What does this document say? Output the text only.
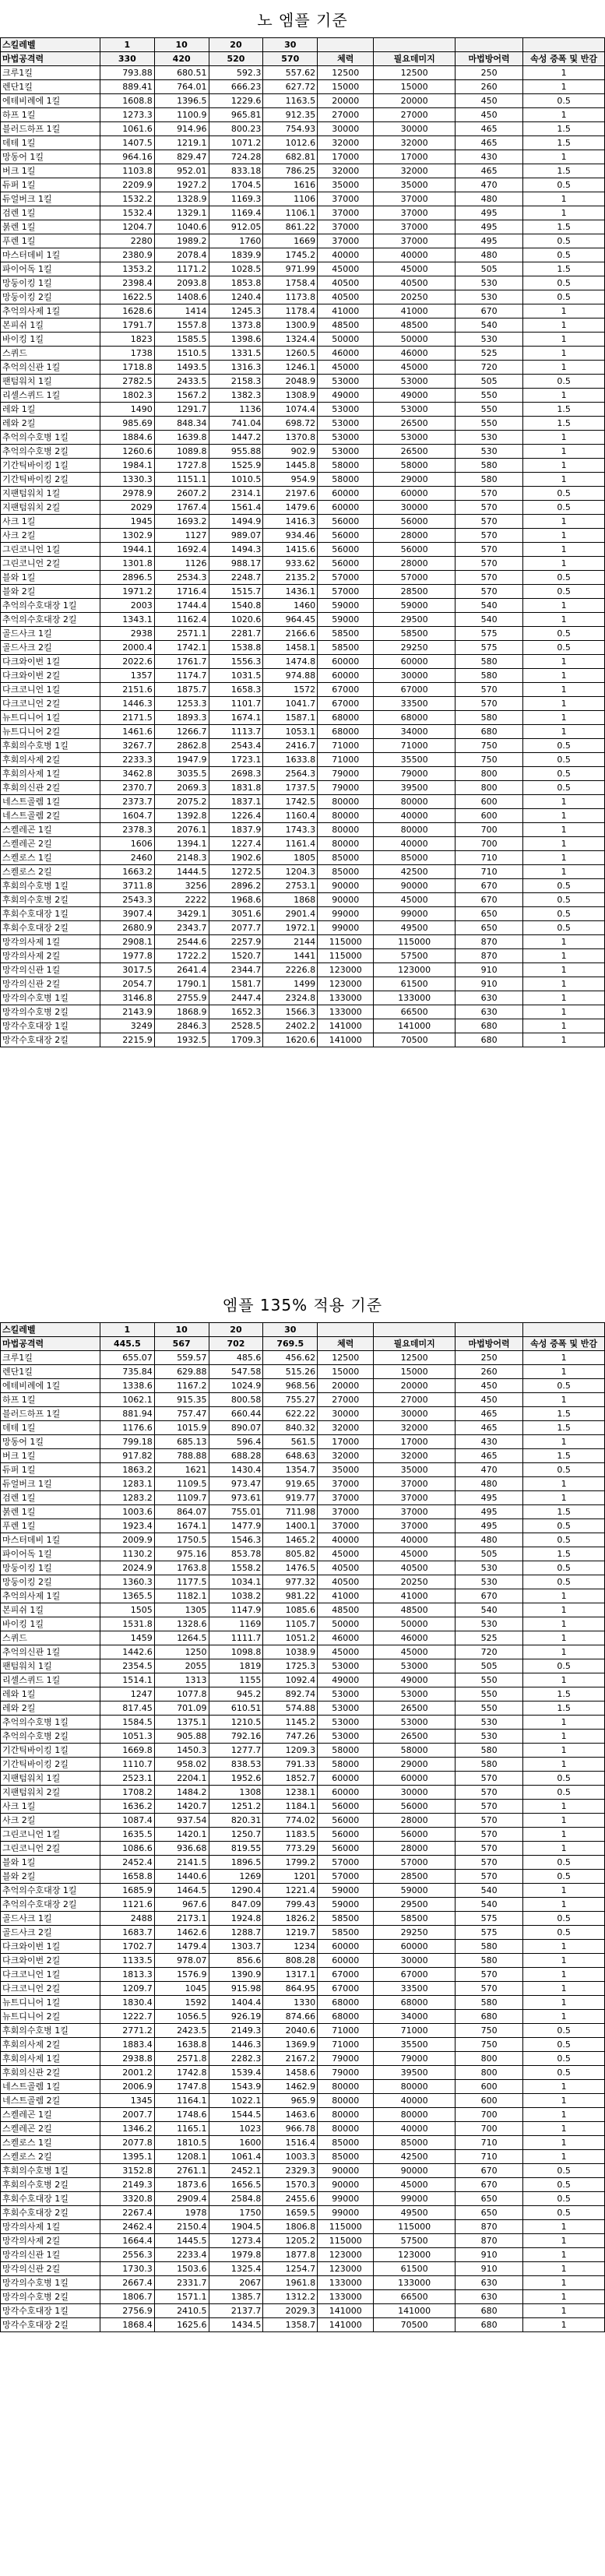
노 엠플 기준
스킬레벨	1	10	20	30				
마법공격력	330	420	520	570	체력	필요데미지	마법방어력	속성 증폭 및 반감
크루1킬	793.88	680.51	592.3	557.62	12500	12500	250	1
렌단1킬	889.41	764.01	666.23	627.72	15000	15000	260	1
에테비례에 1킬	1608.8	1396.5	1229.6	1163.5	20000	20000	450	0.5
하프 1킬	1273.3	1100.9	965.81	912.35	27000	27000	450	1
블러드하프 1킬	1061.6	914.96	800.23	754.93	30000	30000	465	1.5
데테 1킬	1407.5	1219.1	1071.2	1012.6	32000	32000	465	1.5
망동어 1킬	964.16	829.47	724.28	682.81	17000	17000	430	1
버크 1킬	1103.8	952.01	833.18	786.25	32000	32000	465	1.5
듀퍼 1킬	2209.9	1927.2	1704.5	1616	35000	35000	470	0.5
듀얼버크 1킬	1532.2	1328.9	1169.3	1106	37000	37000	480	1
검렌 1킬	1532.4	1329.1	1169.4	1106.1	37000	37000	495	1
붉렌 1킬	1204.7	1040.6	912.05	861.22	37000	37000	495	1.5
푸렌 1킬	2280	1989.2	1760	1669	37000	37000	495	0.5
마스터데비 1킬	2380.9	2078.4	1839.9	1745.2	40000	40000	480	0.5
파이어독 1킬	1353.2	1171.2	1028.5	971.99	45000	45000	505	1.5
망둥이킹 1킬	2398.4	2093.8	1853.8	1758.4	40500	40500	530	0.5
망둥이킹 2킬	1622.5	1408.6	1240.4	1173.8	40500	20250	530	0.5
추억의사제 1킬	1628.6	1414	1245.3	1178.4	41000	41000	670	1
본피쉬 1킬	1791.7	1557.8	1373.8	1300.9	48500	48500	540	1
바이킹 1킬	1823	1585.5	1398.6	1324.4	50000	50000	530	1
스퀴드	1738	1510.5	1331.5	1260.5	46000	46000	525	1
추억의신관 1킬	1718.8	1493.5	1316.3	1246.1	45000	45000	720	1
팬텀워치 1킬	2782.5	2433.5	2158.3	2048.9	53000	53000	505	0.5
리셀스퀴드 1킬	1802.3	1567.2	1382.3	1308.9	49000	49000	550	1
레와 1킬	1490	1291.7	1136	1074.4	53000	53000	550	1.5
레와 2킬	985.69	848.34	741.04	698.72	53000	26500	550	1.5
추억의수호병 1킬	1884.6	1639.8	1447.2	1370.8	53000	53000	530	1
추억의수호병 2킬	1260.6	1089.8	955.88	902.9	53000	26500	530	1
기간틱바이킹 1킬	1984.1	1727.8	1525.9	1445.8	58000	58000	580	1
기간틱바이킹 2킬	1330.3	1151.1	1010.5	954.9	58000	29000	580	1
지팬텀워치 1킬	2978.9	2607.2	2314.1	2197.6	60000	60000	570	0.5
지팬텀워치 2킬	2029	1767.4	1561.4	1479.6	60000	30000	570	0.5
사크 1킬	1945	1693.2	1494.9	1416.3	56000	56000	570	1
사크 2킬	1302.9	1127	989.07	934.46	56000	28000	570	1
그린코니언 1킬	1944.1	1692.4	1494.3	1415.6	56000	56000	570	1
그린코니언 2킬	1301.8	1126	988.17	933.62	56000	28000	570	1
블와 1킬	2896.5	2534.3	2248.7	2135.2	57000	57000	570	0.5
블와 2킬	1971.2	1716.4	1515.7	1436.1	57000	28500	570	0.5
추억의수호대장 1킬	2003	1744.4	1540.8	1460	59000	59000	540	1
추억의수호대장 2킬	1343.1	1162.4	1020.6	964.45	59000	29500	540	1
골드사크 1킬	2938	2571.1	2281.7	2166.6	58500	58500	575	0.5
골드사크 2킬	2000.4	1742.1	1538.8	1458.1	58500	29250	575	0.5
다크와이번 1킬	2022.6	1761.7	1556.3	1474.8	60000	60000	580	1
다크와이번 2킬	1357	1174.7	1031.5	974.88	60000	30000	580	1
다크코니언 1킬	2151.6	1875.7	1658.3	1572	67000	67000	570	1
다크코니언 2킬	1446.3	1253.3	1101.7	1041.7	67000	33500	570	1
뉴트디니어 1킬	2171.5	1893.3	1674.1	1587.1	68000	68000	580	1
뉴트디니어 2킬	1461.6	1266.7	1113.7	1053.1	68000	34000	680	1
후회의수호병 1킬	3267.7	2862.8	2543.4	2416.7	71000	71000	750	0.5
후회의사제 2킬	2233.3	1947.9	1723.1	1633.8	71000	35500	750	0.5
후회의사제 1킬	3462.8	3035.5	2698.3	2564.3	79000	79000	800	0.5
후회의신관 2킬	2370.7	2069.3	1831.8	1737.5	79000	39500	800	0.5
네스트골렘 1킬	2373.7	2075.2	1837.1	1742.5	80000	80000	600	1
네스트골렘 2킬	1604.7	1392.8	1226.4	1160.4	80000	40000	600	1
스켈레곤 1킬	2378.3	2076.1	1837.9	1743.3	80000	80000	700	1
스켈레곤 2킬	1606	1394.1	1227.4	1161.4	80000	40000	700	1
스켈로스 1킬	2460	2148.3	1902.6	1805	85000	85000	710	1
스켈로스 2킬	1663.2	1444.5	1272.5	1204.3	85000	42500	710	1
후회의수호병 1킬	3711.8	3256	2896.2	2753.1	90000	90000	670	0.5
후회의수호병 2킬	2543.3	2222	1968.6	1868	90000	45000	670	0.5
후회수호대장 1킬	3907.4	3429.1	3051.6	2901.4	99000	99000	650	0.5
후회수호대장 2킬	2680.9	2343.7	2077.7	1972.1	99000	49500	650	0.5
망각의사제 1킬	2908.1	2544.6	2257.9	2144	115000	115000	870	1
망각의사제 2킬	1977.8	1722.2	1520.7	1441	115000	57500	870	1
망각의신관 1킬	3017.5	2641.4	2344.7	2226.8	123000	123000	910	1
망각의신관 2킬	2054.7	1790.1	1581.7	1499	123000	61500	910	1
망각의수호병 1킬	3146.8	2755.9	2447.4	2324.8	133000	133000	630	1
망각의수호병 2킬	2143.9	1868.9	1652.3	1566.3	133000	66500	630	1
망각수호대장 1킬	3249	2846.3	2528.5	2402.2	141000	141000	680	1
망각수호대장 2킬	2215.9	1932.5	1709.3	1620.6	141000	70500	680	1
엠플 135% 적용 기준
스킬레벨	1	10	20	30				
마법공격력	445.5	567	702	769.5	체력	필요데미지	마법방어력	속성 증폭 및 반감
크루1킬	655.07	559.57	485.6	456.62	12500	12500	250	1
렌단1킬	735.84	629.88	547.58	515.26	15000	15000	260	1
에테비례에 1킬	1338.6	1167.2	1024.9	968.56	20000	20000	450	0.5
하프 1킬	1062.1	915.35	800.58	755.27	27000	27000	450	1
블러드하프 1킬	881.94	757.47	660.44	622.22	30000	30000	465	1.5
데테 1킬	1176.6	1015.9	890.07	840.32	32000	32000	465	1.5
망동어 1킬	799.18	685.13	596.4	561.5	17000	17000	430	1
버크 1킬	917.82	788.88	688.28	648.63	32000	32000	465	1.5
듀퍼 1킬	1863.2	1621	1430.4	1354.7	35000	35000	470	0.5
듀얼버크 1킬	1283.1	1109.5	973.47	919.65	37000	37000	480	1
검렌 1킬	1283.2	1109.7	973.61	919.77	37000	37000	495	1
붉렌 1킬	1003.6	864.07	755.01	711.98	37000	37000	495	1.5
푸렌 1킬	1923.4	1674.1	1477.9	1400.1	37000	37000	495	0.5
마스터데비 1킬	2009.9	1750.5	1546.3	1465.2	40000	40000	480	0.5
파이어독 1킬	1130.2	975.16	853.78	805.82	45000	45000	505	1.5
망둥이킹 1킬	2024.9	1763.8	1558.2	1476.5	40500	40500	530	0.5
망둥이킹 2킬	1360.3	1177.5	1034.1	977.32	40500	20250	530	0.5
추억의사제 1킬	1365.5	1182.1	1038.2	981.22	41000	41000	670	1
본피쉬 1킬	1505	1305	1147.9	1085.6	48500	48500	540	1
바이킹 1킬	1531.8	1328.6	1169	1105.7	50000	50000	530	1
스퀴드	1459	1264.5	1111.7	1051.2	46000	46000	525	1
추억의신관 1킬	1442.6	1250	1098.8	1038.9	45000	45000	720	1
팬텀워치 1킬	2354.5	2055	1819	1725.3	53000	53000	505	0.5
리셀스퀴드 1킬	1514.1	1313	1155	1092.4	49000	49000	550	1
레와 1킬	1247	1077.8	945.2	892.74	53000	53000	550	1.5
레와 2킬	817.45	701.09	610.51	574.88	53000	26500	550	1.5
추억의수호병 1킬	1584.5	1375.1	1210.5	1145.2	53000	53000	530	1
추억의수호병 2킬	1051.3	905.88	792.16	747.26	53000	26500	530	1
기간틱바이킹 1킬	1669.8	1450.3	1277.7	1209.3	58000	58000	580	1
기간틱바이킹 2킬	1110.7	958.02	838.53	791.33	58000	29000	580	1
지팬텀워치 1킬	2523.1	2204.1	1952.6	1852.7	60000	60000	570	0.5
지팬텀워치 2킬	1708.2	1484.2	1308	1238.1	60000	30000	570	0.5
사크 1킬	1636.2	1420.7	1251.2	1184.1	56000	56000	570	1
사크 2킬	1087.4	937.54	820.31	774.02	56000	28000	570	1
그린코니언 1킬	1635.5	1420.1	1250.7	1183.5	56000	56000	570	1
그린코니언 2킬	1086.6	936.68	819.55	773.29	56000	28000	570	1
블와 1킬	2452.4	2141.5	1896.5	1799.2	57000	57000	570	0.5
블와 2킬	1658.8	1440.6	1269	1201	57000	28500	570	0.5
추억의수호대장 1킬	1685.9	1464.5	1290.4	1221.4	59000	59000	540	1
추억의수호대장 2킬	1121.6	967.6	847.09	799.43	59000	29500	540	1
골드사크 1킬	2488	2173.1	1924.8	1826.2	58500	58500	575	0.5
골드사크 2킬	1683.7	1462.6	1288.7	1219.7	58500	29250	575	0.5
다크와이번 1킬	1702.7	1479.4	1303.7	1234	60000	60000	580	1
다크와이번 2킬	1133.5	978.07	856.6	808.28	60000	30000	580	1
다크코니언 1킬	1813.3	1576.9	1390.9	1317.1	67000	67000	570	1
다크코니언 2킬	1209.7	1045	915.98	864.95	67000	33500	570	1
뉴트디니어 1킬	1830.4	1592	1404.4	1330	68000	68000	580	1
뉴트디니어 2킬	1222.7	1056.5	926.19	874.66	68000	34000	680	1
후회의수호병 1킬	2771.2	2423.5	2149.3	2040.6	71000	71000	750	0.5
후회의사제 2킬	1883.4	1638.8	1446.3	1369.9	71000	35500	750	0.5
후회의사제 1킬	2938.8	2571.8	2282.3	2167.2	79000	79000	800	0.5
후회의신관 2킬	2001.2	1742.8	1539.4	1458.6	79000	39500	800	0.5
네스트골렘 1킬	2006.9	1747.8	1543.9	1462.9	80000	80000	600	1
네스트골렘 2킬	1345	1164.1	1022.1	965.9	80000	40000	600	1
스켈레곤 1킬	2007.7	1748.6	1544.5	1463.6	80000	80000	700	1
스켈레곤 2킬	1346.2	1165.1	1023	966.78	80000	40000	700	1
스켈로스 1킬	2077.8	1810.5	1600	1516.4	85000	85000	710	1
스켈로스 2킬	1395.1	1208.1	1061.4	1003.3	85000	42500	710	1
후회의수호병 1킬	3152.8	2761.1	2452.1	2329.3	90000	90000	670	0.5
후회의수호병 2킬	2149.3	1873.6	1656.5	1570.3	90000	45000	670	0.5
후회수호대장 1킬	3320.8	2909.4	2584.8	2455.6	99000	99000	650	0.5
후회수호대장 2킬	2267.4	1978	1750	1659.5	99000	49500	650	0.5
망각의사제 1킬	2462.4	2150.4	1904.5	1806.8	115000	115000	870	1
망각의사제 2킬	1664.4	1445.5	1273.4	1205.2	115000	57500	870	1
망각의신관 1킬	2556.3	2233.4	1979.8	1877.8	123000	123000	910	1
망각의신관 2킬	1730.3	1503.6	1325.4	1254.7	123000	61500	910	1
망각의수호병 1킬	2667.4	2331.7	2067	1961.8	133000	133000	630	1
망각의수호병 2킬	1806.7	1571.1	1385.7	1312.2	133000	66500	630	1
망각수호대장 1킬	2756.9	2410.5	2137.7	2029.3	141000	141000	680	1
망각수호대장 2킬	1868.4	1625.6	1434.5	1358.7	141000	70500	680	1
